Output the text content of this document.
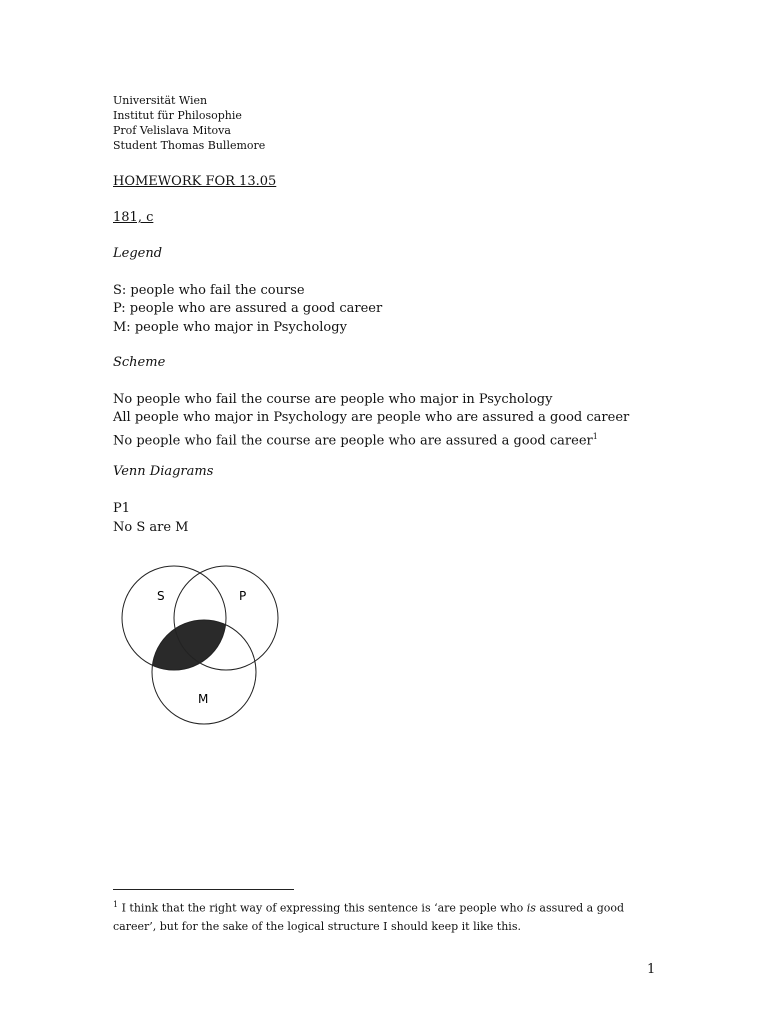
Universität Wien
Institut für Philosophie
Prof Velislava Mitova
Student Thomas Bullemore
HOMEWORK FOR 13.05
181, c
Legend
S: people who fail the course
P: people who are assured a good career
M: people who major in Psychology
Scheme
No people who fail the course are people who major in Psychology
All people who major in Psychology are people who are assured a good career
No people who fail the course are people who are assured a good career$^1$
Venn Diagrams
P1
No S are M
S	P
M
$^1$ I think that the right way of expressing this sentence is ‘are people who is assured a good career’, but for the sake of the logical structure I should keep it like this.
1
